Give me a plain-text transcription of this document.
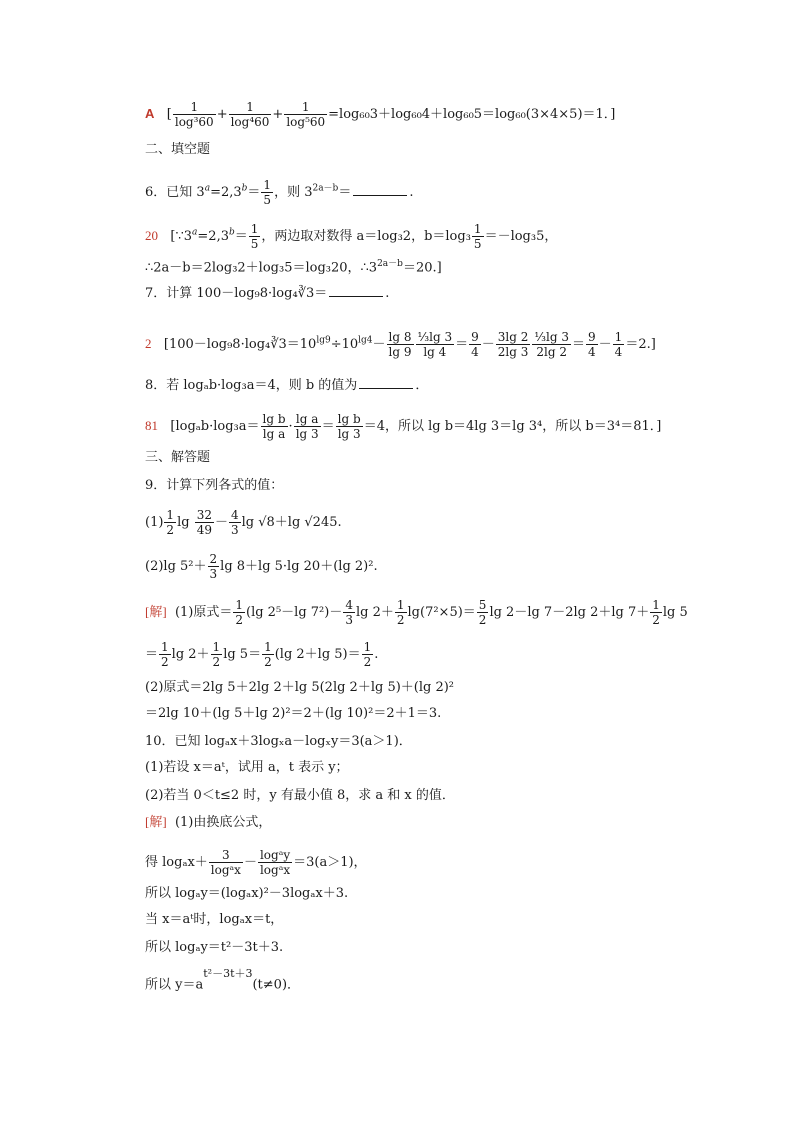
A   [ $\frac{1}{\text{log³60}} + \frac{1}{\text{log⁴60}} + \frac{1}{\text{log⁵60}} =\log_{60}3+\log_{60}4+\log_{60}5=\log_{60}(3\times 4\times 5)=1$．]
二、填空题
6．已知 $3^a=2,3^b= \frac{1}{5}$ ，则 $3^{2a-b}=$	.
20 [$\because 3^a=2,3^b= \frac{1}{5}$ ，两边取对数得 a＝log₃2，$b=\log_3 \frac{1}{5} =-\log_35$，
∴2a－b＝2log₃2＋log₃5＝log₃20，$\therefore 3^{2a-b}=20$.]
7．计算 100－log₉8·log₄∛3＝	.
2 $[100-\log_98\cdot\log_4∛3=10^{lg9}\div 10^{lg4}- \frac{\lg 8}{\lg 9} \frac{\text{⅓lg 3}}{\lg 4} = \frac{9}{4} - \frac{3\lg 2}{2\lg 3} \frac{\text{⅓lg 3}}{2\lg 2} = \frac{9}{4} - \frac{1}{4} =2.]$
8．若 logₐb·log₃a＝4，则 b 的值为	．
81 [$\log_ab\cdot\log_3a= \frac{\text{lg b}}{\text{lg a}} \cdot \frac{\text{lg a}}{\lg 3} = \frac{\text{lg b}}{\lg 3} =4$，所以 lg b＝4lg 3＝lg 3⁴，所以 b＝3⁴＝81．]
三、解答题
9．计算下列各式的值：
$(1) \frac{1}{2}$ $\lg \frac{32}{49} - \frac{4}{3}$ lg √8＋lg √245.
(2)lg $5^2+ \frac{2}{3}$ lg 8＋lg 5·lg 20＋(lg 2)².
[解] (1)原式＝ $\frac{1}{2} (\lg$ 2⁵－lg $7^2)- \frac{4}{3}$ $\lg 2+ \frac{1}{2} \lg(7^2\times 5)= \frac{5}{2}$ lg 2－lg 7－2lg 2＋lg $7+ \frac{1}{2}$ lg 5
＝ $\frac{1}{2}$ $\lg 2+ \frac{1}{2}$ $\lg 5= \frac{1}{2} (\lg$ 2＋lg $5)= \frac{1}{2}$ .
(2)原式＝2lg 5＋2lg 2＋lg 5(2lg 2＋lg 5)＋(lg 2)²
＝2lg 10＋(lg 5＋lg 2)²＝2＋(lg 10)²＝2＋1＝3.
10．已知 logₐx＋3logₓa－logₓy＝3(a＞1)．
(1)若设 x＝aᵗ，试用 a，t 表示 y；
(2)若当 0＜t≤2 时，y 有最小值 8，求 a 和 x 的值．
[解] (1)由换底公式，
得 $\log_ax+ \frac{3}{\text{logᵃx}} - \frac{\text{logᵃy}}{\text{logᵃx}} =3(a>1)$，
所以 logₐy＝(logₐx)²－3logₐx＋3.
当 x＝aᵗ时，logₐx＝t，
所以 logₐy＝t²－3t＋3.
所以 $y=a^{t^2-3t+3}(t\ne 0)$．
